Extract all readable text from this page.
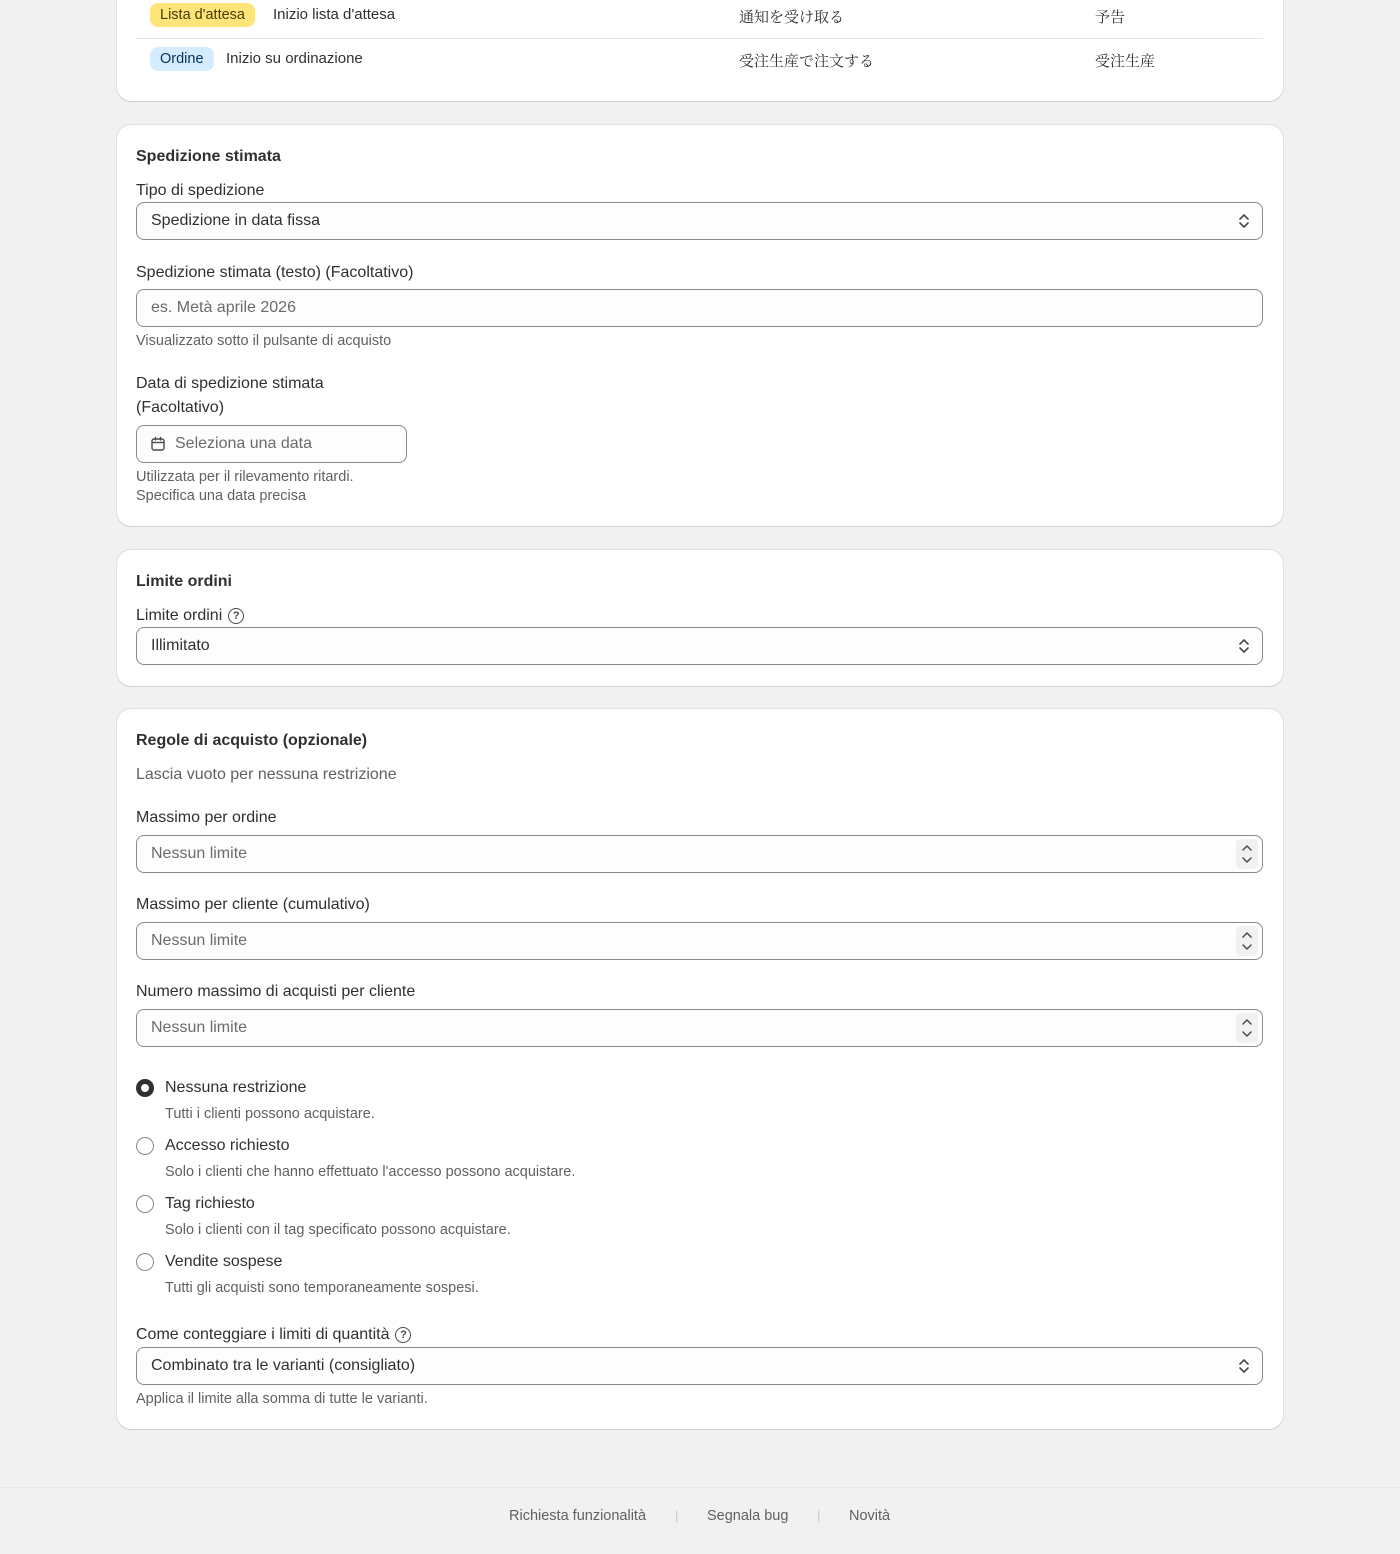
Lista d'attesa	Inizio lista d'attesa	通知を受け取る	予告
Ordine	Inizio su ordinazione	受注生産で注文する	受注生産
Spedizione stimata
Tipo di spedizione
Spedizione in data fissa
Spedizione stimata (testo) (Facoltativo)
es. Metà aprile 2026
Visualizzato sotto il pulsante di acquisto
Data di spedizione stimata
(Facoltativo)
Seleziona una data
Utilizzata per il rilevamento ritardi.
Specifica una data precisa
Limite ordini
Limite ordini ?
Illimitato
Regole di acquisto (opzionale)
Lascia vuoto per nessuna restrizione
Massimo per ordine
Nessun limite
Massimo per cliente (cumulativo)
Nessun limite
Numero massimo di acquisti per cliente
Nessun limite
Nessuna restrizione
Tutti i clienti possono acquistare.
Accesso richiesto
Solo i clienti che hanno effettuato l'accesso possono acquistare.
Tag richiesto
Solo i clienti con il tag specificato possono acquistare.
Vendite sospese
Tutti gli acquisti sono temporaneamente sospesi.
Come conteggiare i limiti di quantità ?
Combinato tra le varianti (consigliato)
Applica il limite alla somma di tutte le varianti.
Richiesta funzionalità | Segnala bug | Novità
